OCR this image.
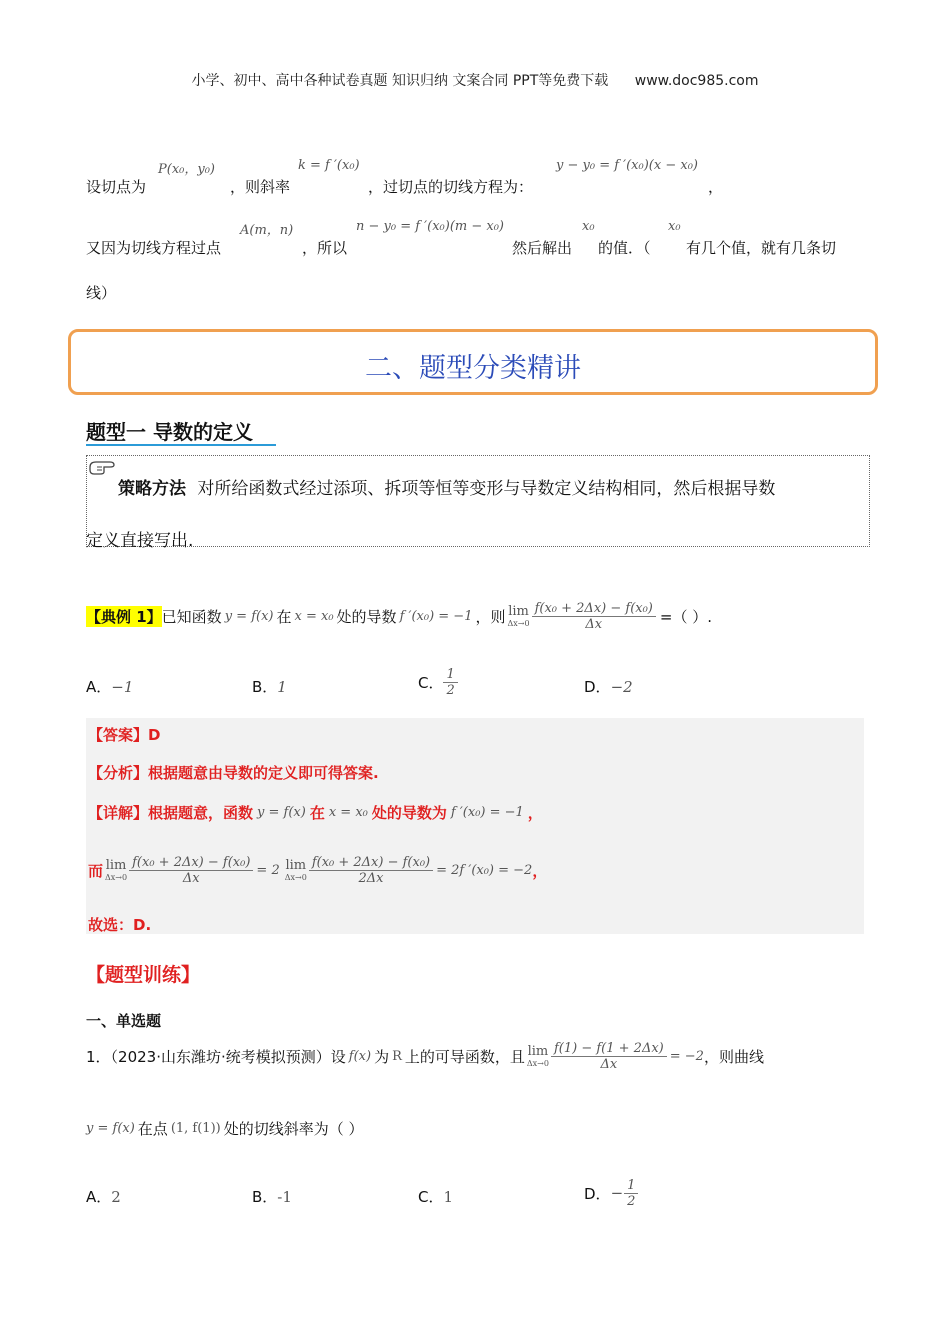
小学、初中、高中各种试卷真题 知识归纳 文案合同 PPT等免费下载 www.doc985.com
设切点为
P(x₀，y₀)
，则斜率
k = f ′(x₀)
，过切点的切线方程为：
y − y₀ = f ′(x₀)(x − x₀)
，
又因为切线方程过点
A(m，n)
，所以
n − y₀ = f ′(x₀)(m − x₀)
然后解出
x₀
的值．（
x₀
有几个值，就有几条切
线）
二、题型分类精讲
题型一 导数的定义
策略方法 对所给函数式经过添项、拆项等恒等变形与导数定义结构相同，然后根据导数
定义直接写出.
【典例 1】 已知函数 y = f(x) 在 x = x₀ 处的导数 f ′(x₀) = −1 ，则 lim
$\Delta x\to 0 \frac{\text{f(x₀ + 2Δx) − f(x₀)}}{\Delta x}$ =（ ）.
A．−1	B．1	C． $\frac{1}{2}$	D．−2
【答案】D
【分析】根据题意由导数的定义即可得答案.
【详解】根据题意，函数 y = f(x) 在 x = x₀ 处的导数为 f ′(x₀) = −1 ，
而 lim
$\Delta x\to 0 \frac{\text{f(x₀ + 2Δx) − f(x₀)}}{\Delta x} = 2$ lim
$\Delta x\to 0 \frac{\text{f(x₀ + 2Δx) − f(x₀)}}{2\Delta x} = 2f$ ′(x₀) = −2 ，
故选：D.
【题型训练】
一、单选题
1．（2023·山东潍坊·统考模拟预测）设 f(x) 为 R 上的可导函数，且 lim
$\Delta x\to 0 \frac{f(1) - f(1 + 2\Delta x)}{\Delta x} = -2$ ，则曲线
y = f(x) 在点 (1, f(1)) 处的切线斜率为（ ）
A．2	B．-1	C．1	D． − $\frac{1}{2}$
